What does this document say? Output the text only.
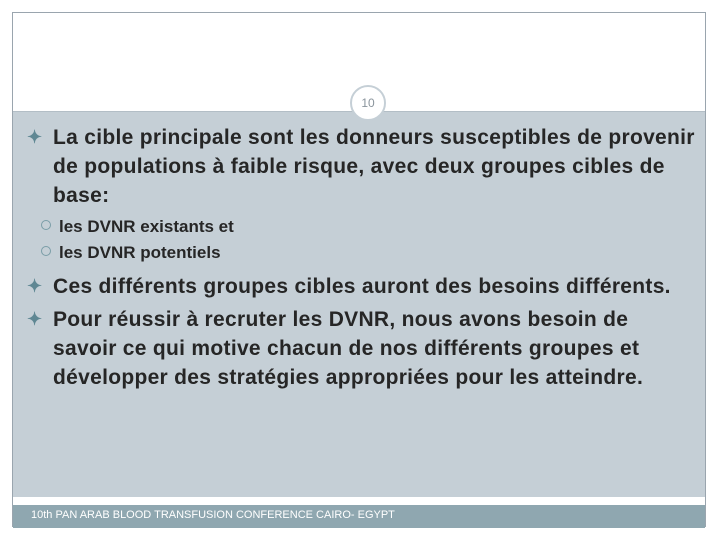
10
✦ La cible principale sont les donneurs susceptibles de provenir de populations à faible risque, avec deux groupes cibles de base:
les DVNR existants et
les DVNR potentiels
✦ Ces différents groupes cibles auront des besoins différents.
✦ Pour réussir à recruter les DVNR, nous avons besoin de savoir ce qui motive chacun de nos différents groupes et développer des stratégies appropriées pour les atteindre.
10th PAN ARAB BLOOD TRANSFUSION CONFERENCE CAIRO- EGYPT
